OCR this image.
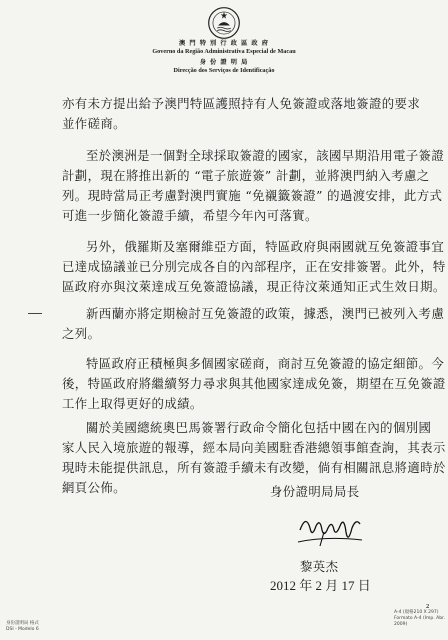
澳 門 特 別 行 政 區 政 府

Governo da Região Administrativa Especial de Macau

身 份 證 明 局

Direcção dos Serviços de Identificação

亦有未方提出給予澳門特區護照持有人免簽證或落地簽證的要求
並作磋商。
至於澳洲是一個對全球採取簽證的國家，該國早期沿用電子簽證
計劃，現在將推出新的 “電子旅遊簽” 計劃，並將澳門納入考慮之
列。現時當局正考慮對澳門實施 “免襯籤簽證” 的過渡安排，此方式
可進一步簡化簽證手續，希望今年內可落實。
另外，俄羅斯及塞爾維亞方面，特區政府與兩國就互免簽證事宜
已達成協議並已分別完成各自的內部程序，正在安排簽署。此外，特
區政府亦與汶萊達成互免簽證協議，現正待汶萊通知正式生效日期。
新西蘭亦將定期檢討互免簽證的政策，據悉，澳門已被列入考慮
之列。
特區政府正積極與多個國家磋商，商討互免簽證的協定細節。今
後，特區政府將繼續努力尋求與其他國家達成免簽，期望在互免簽證
工作上取得更好的成績。
關於美國總統奧巴馬簽署行政命令簡化包括中國在內的個別國
家人民入境旅遊的報導，經本局向美國駐香港總領事館查詢，其表示
現時未能提供訊息，所有簽證手續未有改變，倘有相關訊息將適時於
網頁公佈。	身份證明局局長
黎英杰
2012 年 2 月 17 日
身份證明局 格式
DSI - Modelo 6
2
A-4 (規格210 X 297)
Formato A-4 (Imp. Abr. 2009)
